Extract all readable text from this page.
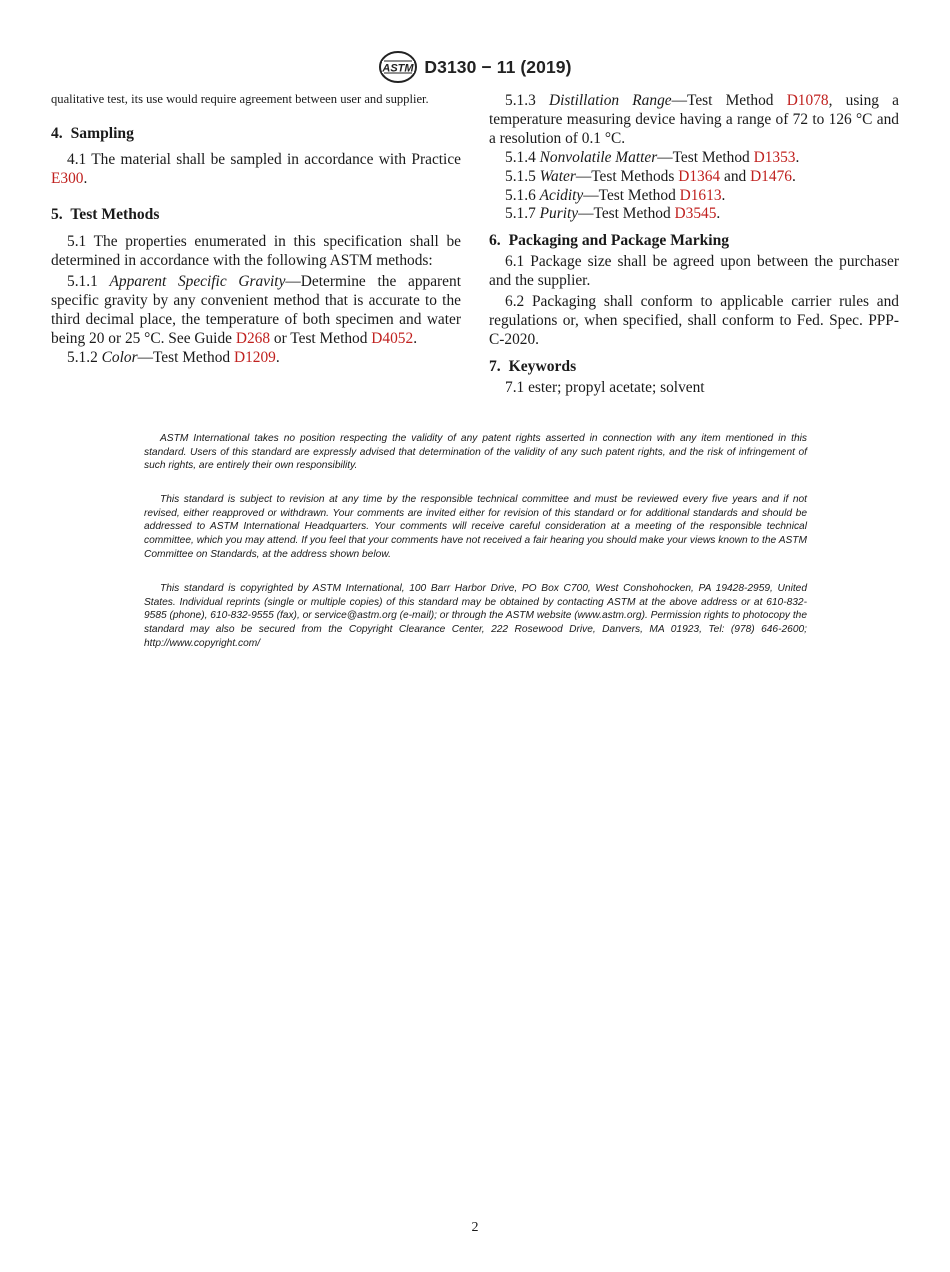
ASTM D3130 − 11 (2019)

qualitative test, its use would require agreement between user and supplier.

4. Sampling

4.1 The material shall be sampled in accordance with Practice E300.

5. Test Methods

5.1 The properties enumerated in this specification shall be determined in accordance with the following ASTM methods:

5.1.1 Apparent Specific Gravity—Determine the apparent specific gravity by any convenient method that is accurate to the third decimal place, the temperature of both specimen and water being 20 or 25 °C. See Guide D268 or Test Method D4052.

5.1.2 Color—Test Method D1209.

5.1.3 Distillation Range—Test Method D1078, using a temperature measuring device having a range of 72 to 126 °C and a resolution of 0.1 °C.

5.1.4 Nonvolatile Matter—Test Method D1353.

5.1.5 Water—Test Methods D1364 and D1476.

5.1.6 Acidity—Test Method D1613.

5.1.7 Purity—Test Method D3545.

6. Packaging and Package Marking

6.1 Package size shall be agreed upon between the purchaser and the supplier.

6.2 Packaging shall conform to applicable carrier rules and regulations or, when specified, shall conform to Fed. Spec. PPP-C-2020.

7. Keywords

7.1 ester; propyl acetate; solvent

ASTM International takes no position respecting the validity of any patent rights asserted in connection with any item mentioned in this standard. Users of this standard are expressly advised that determination of the validity of any such patent rights, and the risk of infringement of such rights, are entirely their own responsibility.

This standard is subject to revision at any time by the responsible technical committee and must be reviewed every five years and if not revised, either reapproved or withdrawn. Your comments are invited either for revision of this standard or for additional standards and should be addressed to ASTM International Headquarters. Your comments will receive careful consideration at a meeting of the responsible technical committee, which you may attend. If you feel that your comments have not received a fair hearing you should make your views known to the ASTM Committee on Standards, at the address shown below.

This standard is copyrighted by ASTM International, 100 Barr Harbor Drive, PO Box C700, West Conshohocken, PA 19428-2959, United States. Individual reprints (single or multiple copies) of this standard may be obtained by contacting ASTM at the above address or at 610-832-9585 (phone), 610-832-9555 (fax), or service@astm.org (e-mail); or through the ASTM website (www.astm.org). Permission rights to photocopy the standard may also be secured from the Copyright Clearance Center, 222 Rosewood Drive, Danvers, MA 01923, Tel: (978) 646-2600; http://www.copyright.com/

2
